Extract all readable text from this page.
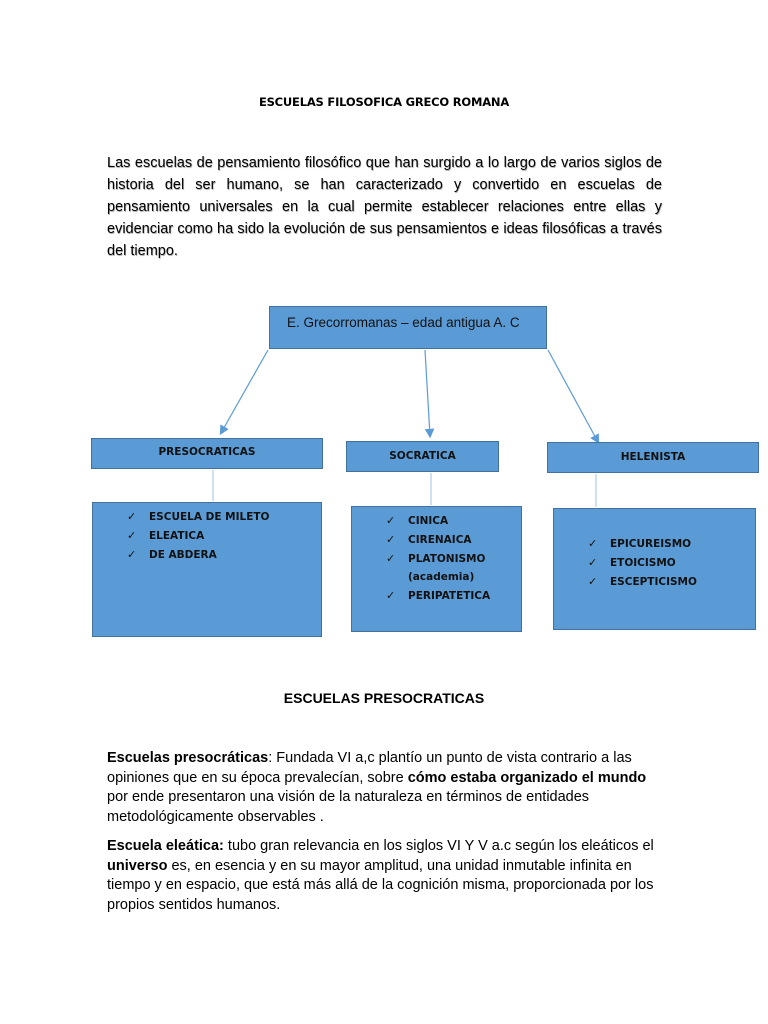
ESCUELAS FILOSOFICA GRECO ROMANA
Las escuelas de pensamiento filosófico que han surgido a lo largo de varios siglos de historia del ser humano, se han caracterizado y convertido en escuelas de pensamiento universales en la cual permite establecer relaciones entre ellas y evidenciar como ha sido la evolución de sus pensamientos e ideas filosóficas a través del tiempo.
E. Grecorromanas – edad antigua A. C
PRESOCRATICAS	SOCRATICA	HELENISTA
✓ ESCUELA DE MILETO
✓ ELEATICA
✓ DE ABDERA
✓ CINICA
✓ CIRENAICA
✓ PLATONISMO (academia)
✓ PERIPATETICA
✓ EPICUREISMO
✓ ETOICISMO
✓ ESCEPTICISMO
ESCUELAS PRESOCRATICAS
Escuelas presocráticas: Fundada VI a,c plantío un punto de vista contrario a las opiniones que en su época prevalecían, sobre cómo estaba organizado el mundo por ende presentaron una visión de la naturaleza en términos de entidades metodológicamente observables .
Escuela eleática: tubo gran relevancia en los siglos VI Y V a.c según los eleáticos el universo es, en esencia y en su mayor amplitud, una unidad inmutable infinita en tiempo y en espacio, que está más allá de la cognición misma, proporcionada por los propios sentidos humanos.
